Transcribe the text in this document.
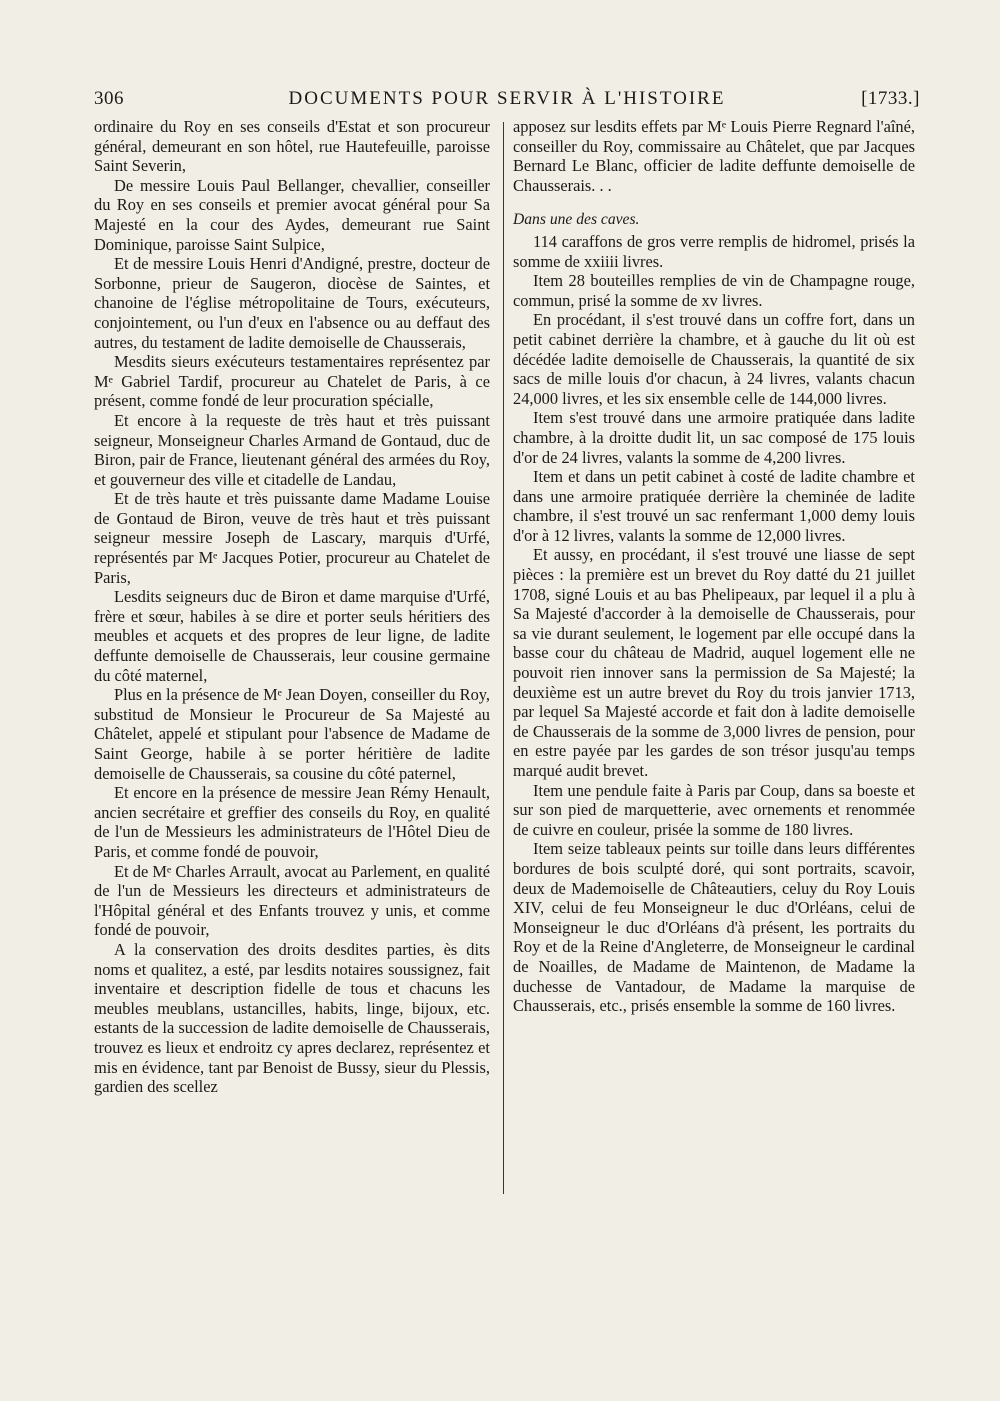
306	DOCUMENTS POUR SERVIR À L'HISTOIRE	[1733.]

ordinaire du Roy en ses conseils d'Estat et son procureur général, demeurant en son hôtel, rue Hautefeuille, paroisse Saint Severin,

De messire Louis Paul Bellanger, chevallier, conseiller du Roy en ses conseils et premier avocat général pour Sa Majesté en la cour des Aydes, demeurant rue Saint Dominique, paroisse Saint Sulpice,

Et de messire Louis Henri d'Andigné, prestre, docteur de Sorbonne, prieur de Saugeron, diocèse de Saintes, et chanoine de l'église métropolitaine de Tours, exécuteurs, conjointement, ou l'un d'eux en l'absence ou au deffaut des autres, du testament de ladite demoiselle de Chausserais,

Mesdits sieurs exécuteurs testamentaires représentez par Mᵉ Gabriel Tardif, procureur au Chatelet de Paris, à ce présent, comme fondé de leur procuration spécialle,

Et encore à la requeste de très haut et très puissant seigneur, Monseigneur Charles Armand de Gontaud, duc de Biron, pair de France, lieutenant général des armées du Roy, et gouverneur des ville et citadelle de Landau,

Et de très haute et très puissante dame Madame Louise de Gontaud de Biron, veuve de très haut et très puissant seigneur messire Joseph de Lascary, marquis d'Urfé, représentés par Mᵉ Jacques Potier, procureur au Chatelet de Paris,

Lesdits seigneurs duc de Biron et dame marquise d'Urfé, frère et sœur, habiles à se dire et porter seuls héritiers des meubles et acquets et des propres de leur ligne, de ladite deffunte demoiselle de Chausserais, leur cousine germaine du côté maternel,

Plus en la présence de Mᵉ Jean Doyen, conseiller du Roy, substitud de Monsieur le Procureur de Sa Majesté au Châtelet, appelé et stipulant pour l'absence de Madame de Saint George, habile à se porter héritière de ladite demoiselle de Chausserais, sa cousine du côté paternel,

Et encore en la présence de messire Jean Rémy Henault, ancien secrétaire et greffier des conseils du Roy, en qualité de l'un de Messieurs les administrateurs de l'Hôtel Dieu de Paris, et comme fondé de pouvoir,

Et de Mᵉ Charles Arrault, avocat au Parlement, en qualité de l'un de Messieurs les directeurs et administrateurs de l'Hôpital général et des Enfants trouvez y unis, et comme fondé de pouvoir,

A la conservation des droits desdites parties, ès dits noms et qualitez, a esté, par lesdits notaires soussignez, fait inventaire et description fidelle de tous et chacuns les meubles meublans, ustancilles, habits, linge, bijoux, etc. estants de la succession de ladite demoiselle de Chausserais, trouvez es lieux et endroitz cy apres declarez, représentez et mis en évidence, tant par Benoist de Bussy, sieur du Plessis, gardien des scellez

apposez sur lesdits effets par Mᵉ Louis Pierre Regnard l'aîné, conseiller du Roy, commissaire au Châtelet, que par Jacques Bernard Le Blanc, officier de ladite deffunte demoiselle de Chausserais. . .

Dans une des caves.

114 caraffons de gros verre remplis de hidromel, prisés la somme de xxiiii livres.

Item 28 bouteilles remplies de vin de Champagne rouge, commun, prisé la somme de xv livres.

En procédant, il s'est trouvé dans un coffre fort, dans un petit cabinet derrière la chambre, et à gauche du lit où est décédée ladite demoiselle de Chausserais, la quantité de six sacs de mille louis d'or chacun, à 24 livres, valants chacun 24,000 livres, et les six ensemble celle de 144,000 livres.

Item s'est trouvé dans une armoire pratiquée dans ladite chambre, à la droitte dudit lit, un sac composé de 175 louis d'or de 24 livres, valants la somme de 4,200 livres.

Item et dans un petit cabinet à costé de ladite chambre et dans une armoire pratiquée derrière la cheminée de ladite chambre, il s'est trouvé un sac renfermant 1,000 demy louis d'or à 12 livres, valants la somme de 12,000 livres.

Et aussy, en procédant, il s'est trouvé une liasse de sept pièces : la première est un brevet du Roy datté du 21 juillet 1708, signé Louis et au bas Phelipeaux, par lequel il a plu à Sa Majesté d'accorder à la demoiselle de Chausserais, pour sa vie durant seulement, le logement par elle occupé dans la basse cour du château de Madrid, auquel logement elle ne pouvoit rien innover sans la permission de Sa Majesté; la deuxième est un autre brevet du Roy du trois janvier 1713, par lequel Sa Majesté accorde et fait don à ladite demoiselle de Chausserais de la somme de 3,000 livres de pension, pour en estre payée par les gardes de son trésor jusqu'au temps marqué audit brevet.

Item une pendule faite à Paris par Coup, dans sa boeste et sur son pied de marquetterie, avec ornements et renommée de cuivre en couleur, prisée la somme de 180 livres.

Item seize tableaux peints sur toille dans leurs différentes bordures de bois sculpté doré, qui sont portraits, scavoir, deux de Mademoiselle de Châteautiers, celuy du Roy Louis XIV, celui de feu Monseigneur le duc d'Orléans, celui de Monseigneur le duc d'Orléans d'à présent, les portraits du Roy et de la Reine d'Angleterre, de Monseigneur le cardinal de Noailles, de Madame de Maintenon, de Madame la duchesse de Vantadour, de Madame la marquise de Chausserais, etc., prisés ensemble la somme de 160 livres.
